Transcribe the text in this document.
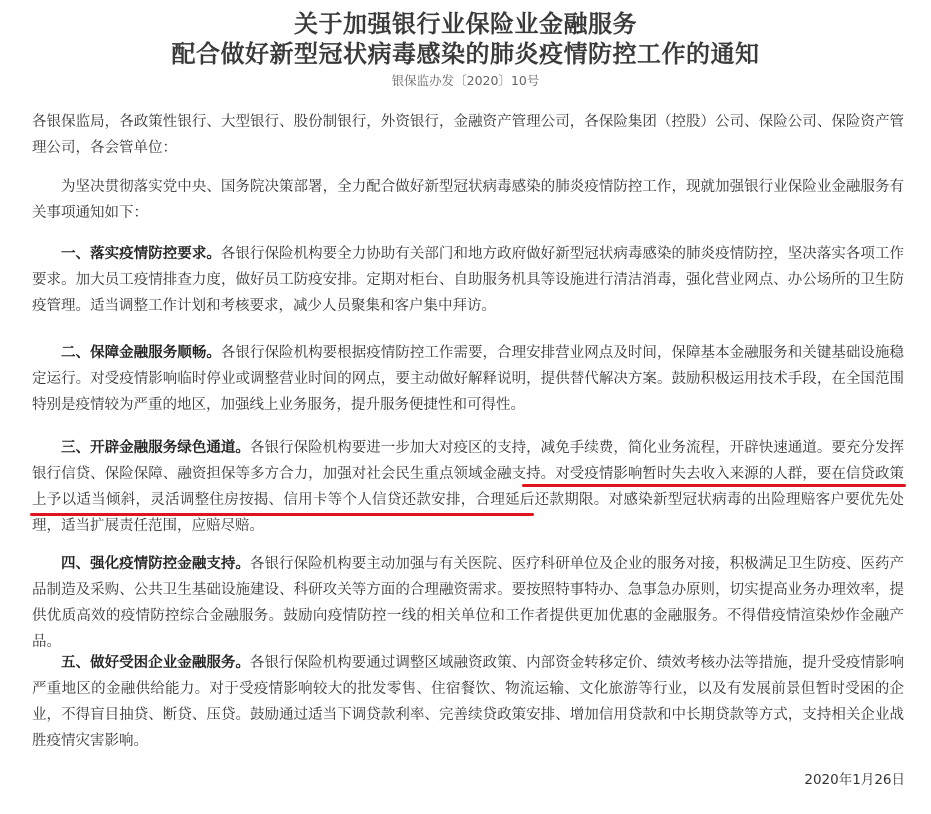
关于加强银行业保险业金融服务
配合做好新型冠状病毒感染的肺炎疫情防控工作的通知
银保监办发〔2020〕10号
各银保监局，各政策性银行、大型银行、股份制银行，外资银行，金融资产管理公司，各保险集团（控股）公司、保险公司、保险资产管理公司，各会管单位：
为坚决贯彻落实党中央、国务院决策部署，全力配合做好新型冠状病毒感染的肺炎疫情防控工作，现就加强银行业保险业金融服务有关事项通知如下：
一、落实疫情防控要求。各银行保险机构要全力协助有关部门和地方政府做好新型冠状病毒感染的肺炎疫情防控，坚决落实各项工作要求。加大员工疫情排查力度，做好员工防疫安排。定期对柜台、自助服务机具等设施进行清洁消毒，强化营业网点、办公场所的卫生防疫管理。适当调整工作计划和考核要求，减少人员聚集和客户集中拜访。
二、保障金融服务顺畅。各银行保险机构要根据疫情防控工作需要，合理安排营业网点及时间，保障基本金融服务和关键基础设施稳定运行。对受疫情影响临时停业或调整营业时间的网点，要主动做好解释说明，提供替代解决方案。鼓励积极运用技术手段，在全国范围特别是疫情较为严重的地区，加强线上业务服务，提升服务便捷性和可得性。
三、开辟金融服务绿色通道。各银行保险机构要进一步加大对疫区的支持，减免手续费，简化业务流程，开辟快速通道。要充分发挥银行信贷、保险保障、融资担保等多方合力，加强对社会民生重点领域金融支持。对受疫情影响暂时失去收入来源的人群，要在信贷政策上予以适当倾斜，灵活调整住房按揭、信用卡等个人信贷还款安排，合理延后还款期限。对感染新型冠状病毒的出险理赔客户要优先处理，适当扩展责任范围，应赔尽赔。
四、强化疫情防控金融支持。各银行保险机构要主动加强与有关医院、医疗科研单位及企业的服务对接，积极满足卫生防疫、医药产品制造及采购、公共卫生基础设施建设、科研攻关等方面的合理融资需求。要按照特事特办、急事急办原则，切实提高业务办理效率，提供优质高效的疫情防控综合金融服务。鼓励向疫情防控一线的相关单位和工作者提供更加优惠的金融服务。不得借疫情渲染炒作金融产品。
五、做好受困企业金融服务。各银行保险机构要通过调整区域融资政策、内部资金转移定价、绩效考核办法等措施，提升受疫情影响严重地区的金融供给能力。对于受疫情影响较大的批发零售、住宿餐饮、物流运输、文化旅游等行业，以及有发展前景但暂时受困的企业，不得盲目抽贷、断贷、压贷。鼓励通过适当下调贷款利率、完善续贷政策安排、增加信用贷款和中长期贷款等方式，支持相关企业战胜疫情灾害影响。
2020年1月26日
